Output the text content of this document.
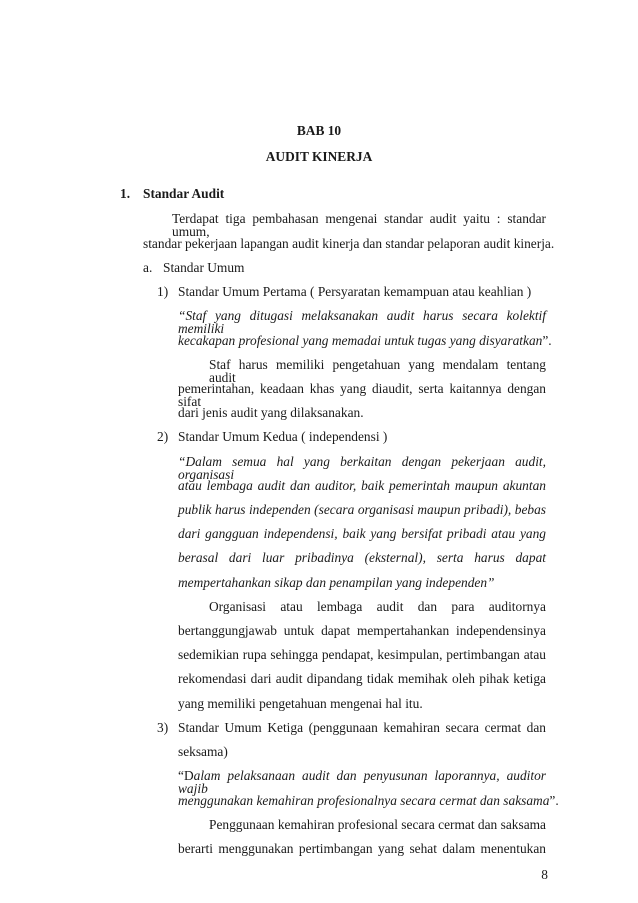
BAB 10
AUDIT KINERJA
1. Standar Audit
Terdapat tiga pembahasan mengenai standar audit yaitu : standar umum,
standar pekerjaan lapangan audit kinerja dan standar pelaporan audit kinerja.
a. Standar Umum
1) Standar Umum Pertama ( Persyaratan kemampuan atau keahlian )
“Staf yang ditugasi melaksanakan audit harus secara kolektif memiliki
kecakapan profesional yang memadai untuk tugas yang disyaratkan”.
Staf harus memiliki pengetahuan yang mendalam tentang audit
pemerintahan, keadaan khas yang diaudit, serta kaitannya dengan sifat
dari jenis audit yang dilaksanakan.
2) Standar Umum Kedua ( independensi )
“Dalam semua hal yang berkaitan dengan pekerjaan audit, organisasi
atau lembaga audit dan auditor, baik pemerintah maupun akuntan
publik harus independen (secara organisasi maupun pribadi), bebas
dari gangguan independensi, baik yang bersifat pribadi atau yang
berasal dari luar pribadinya (eksternal), serta harus dapat
mempertahankan sikap dan penampilan yang independen”
Organisasi atau lembaga audit dan para auditornya
bertanggungjawab untuk dapat mempertahankan independensinya
sedemikian rupa sehingga pendapat, kesimpulan, pertimbangan atau
rekomendasi dari audit dipandang tidak memihak oleh pihak ketiga
yang memiliki pengetahuan mengenai hal itu.
3) Standar Umum Ketiga (penggunaan kemahiran secara cermat dan
seksama)
“Dalam pelaksanaan audit dan penyusunan laporannya, auditor wajib
menggunakan kemahiran profesionalnya secara cermat dan saksama”.
Penggunaan kemahiran profesional secara cermat dan saksama
berarti menggunakan pertimbangan yang sehat dalam menentukan
8
